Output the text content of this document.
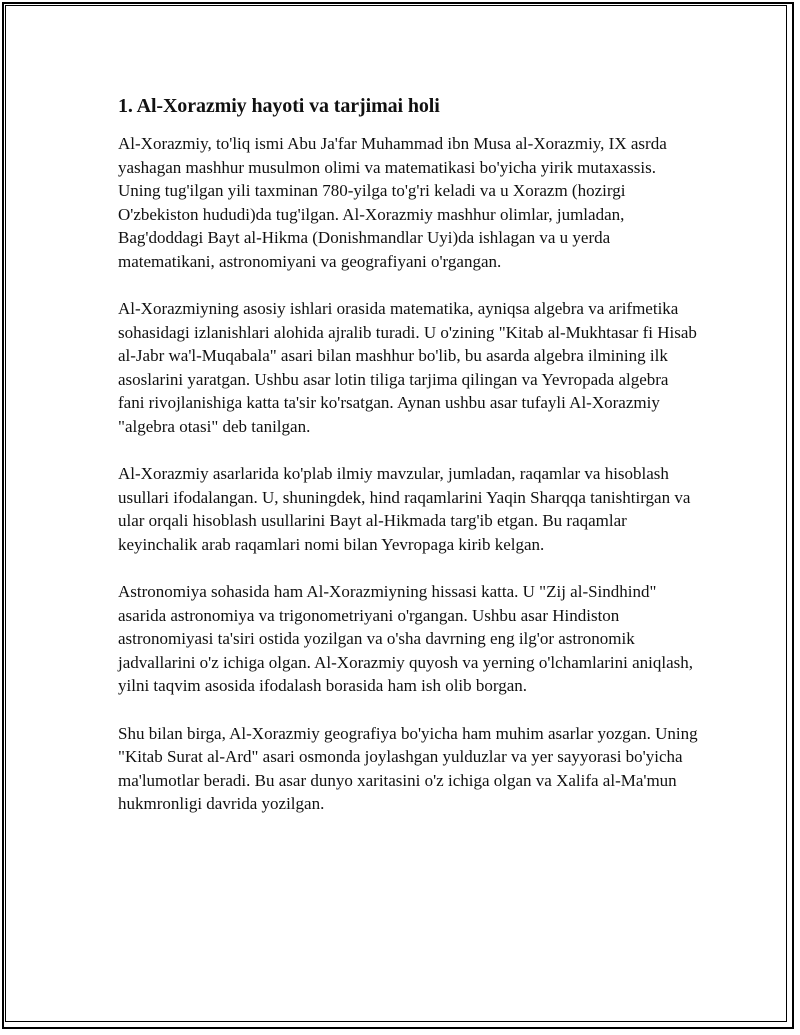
1. Al-Xorazmiy hayoti va tarjimai holi

Al-Xorazmiy, to'liq ismi Abu Ja'far Muhammad ibn Musa al-Xorazmiy, IX asrda yashagan mashhur musulmon olimi va matematikasi bo'yicha yirik mutaxassis. Uning tug'ilgan yili taxminan 780-yilga to'g'ri keladi va u Xorazm (hozirgi O'zbekiston hududi)da tug'ilgan. Al-Xorazmiy mashhur olimlar, jumladan, Bag'doddagi Bayt al-Hikma (Donishmandlar Uyi)da ishlagan va u yerda matematikani, astronomiyani va geografiyani o'rgangan.

Al-Xorazmiyning asosiy ishlari orasida matematika, ayniqsa algebra va arifmetika sohasidagi izlanishlari alohida ajralib turadi. U o'zining "Kitab al-Mukhtasar fi Hisab al-Jabr wa'l-Muqabala" asari bilan mashhur bo'lib, bu asarda algebra ilmining ilk asoslarini yaratgan. Ushbu asar lotin tiliga tarjima qilingan va Yevropada algebra fani rivojlanishiga katta ta'sir ko'rsatgan. Aynan ushbu asar tufayli Al-Xorazmiy "algebra otasi" deb tanilgan.

Al-Xorazmiy asarlarida ko'plab ilmiy mavzular, jumladan, raqamlar va hisoblash usullari ifodalangan. U, shuningdek, hind raqamlarini Yaqin Sharqqa tanishtirgan va ular orqali hisoblash usullarini Bayt al-Hikmada targ'ib etgan. Bu raqamlar keyinchalik arab raqamlari nomi bilan Yevropaga kirib kelgan.

Astronomiya sohasida ham Al-Xorazmiyning hissasi katta. U "Zij al-Sindhind" asarida astronomiya va trigonometriyani o'rgangan. Ushbu asar Hindiston astronomiyasi ta'siri ostida yozilgan va o'sha davrning eng ilg'or astronomik jadvallarini o'z ichiga olgan. Al-Xorazmiy quyosh va yerning o'lchamlarini aniqlash, yilni taqvim asosida ifodalash borasida ham ish olib borgan.

Shu bilan birga, Al-Xorazmiy geografiya bo'yicha ham muhim asarlar yozgan. Uning "Kitab Surat al-Ard" asari osmonda joylashgan yulduzlar va yer sayyorasi bo'yicha ma'lumotlar beradi. Bu asar dunyo xaritasini o'z ichiga olgan va Xalifa al-Ma'mun hukmronligi davrida yozilgan.
